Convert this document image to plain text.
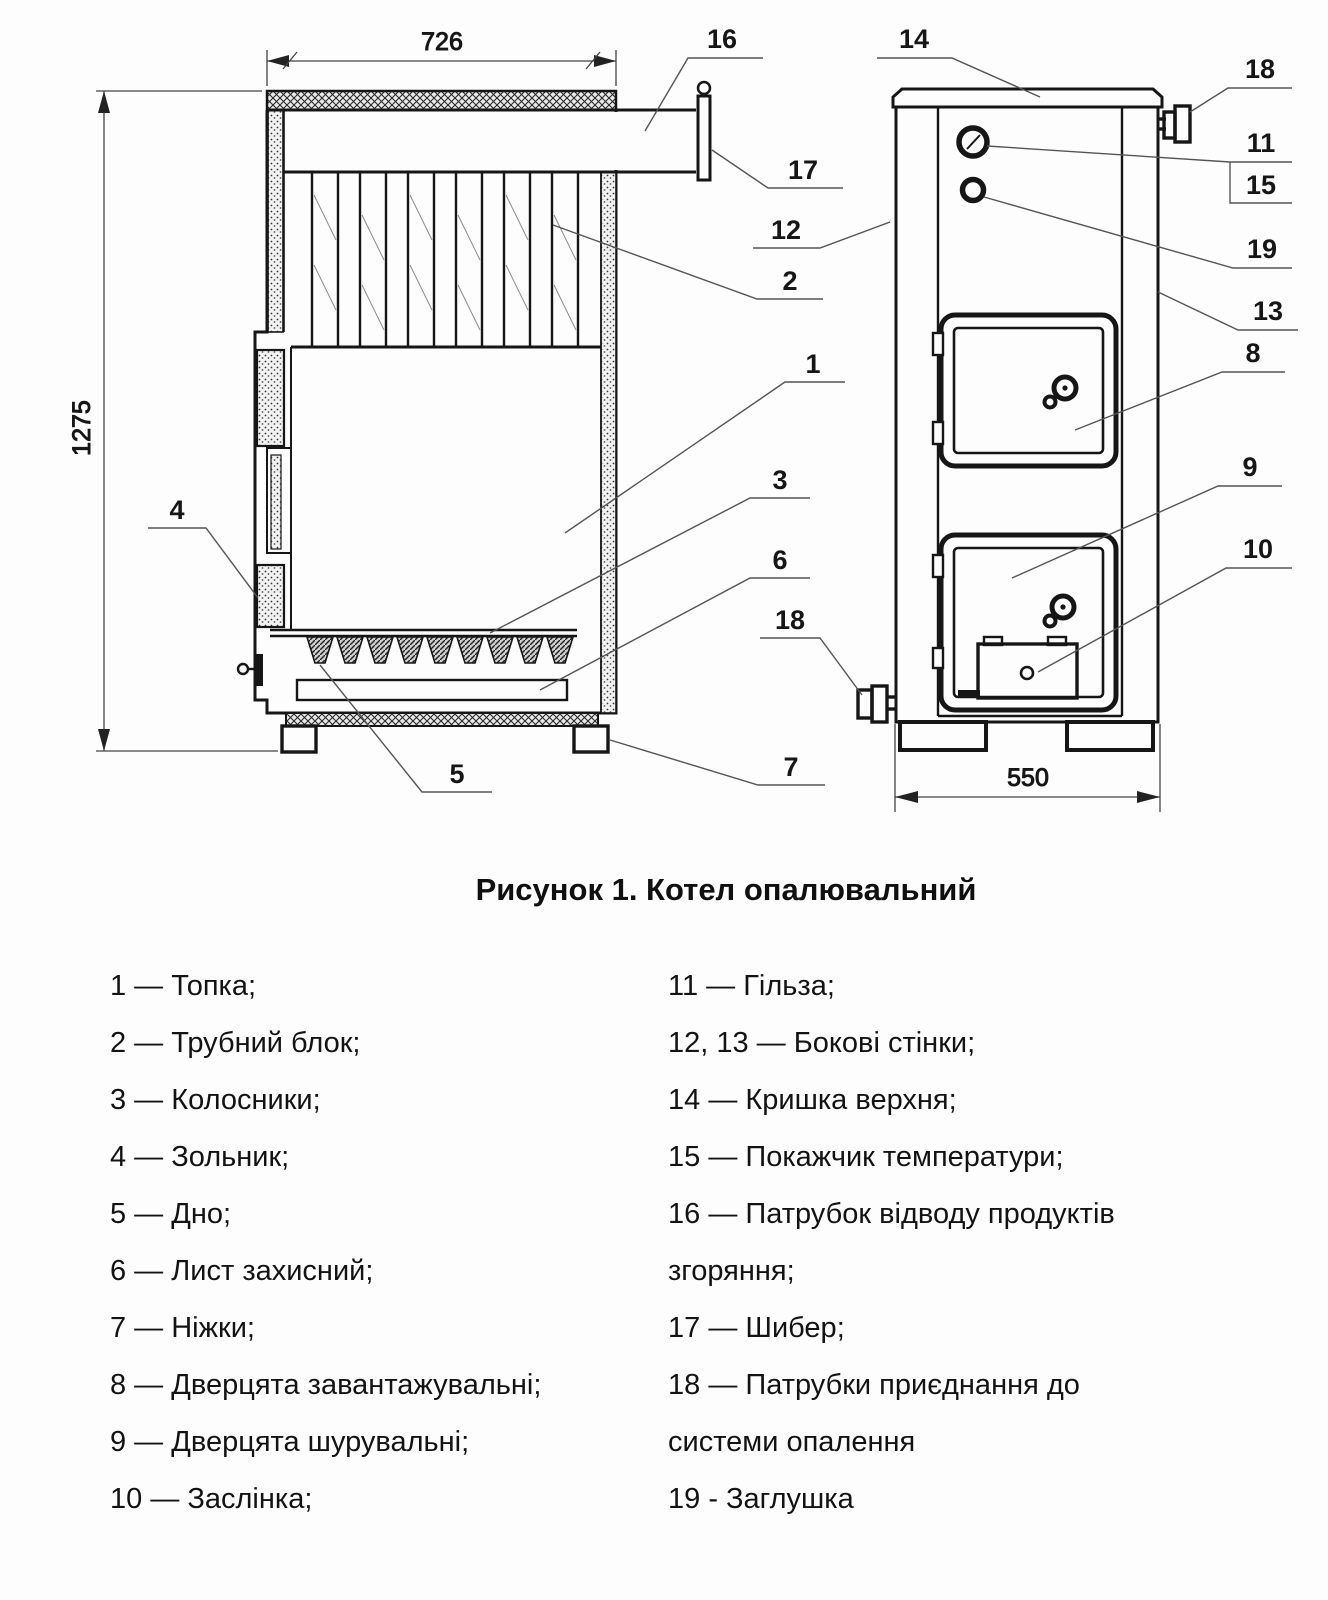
726
1275
550
16
17
12
2
1
3
6
18
7
5
4
14
18
11
15
19
13
8
9
10
Рисунок 1. Котел опалювальний
1 — Топка;
2 — Трубний блок;
3 — Колосники;
4 — Зольник;
5 — Дно;
6 — Лист захисний;
7 — Ніжки;
8 — Дверцята завантажувальні;
9 — Дверцята шурувальні;
10 — Заслінка;
11 — Гільза;
12, 13 — Бокові стінки;
14 — Кришка верхня;
15 — Покажчик температури;
16 — Патрубок відводу продуктів
згоряння;
17 — Шибер;
18 — Патрубки приєднання до
системи опалення
19 - Заглушка
